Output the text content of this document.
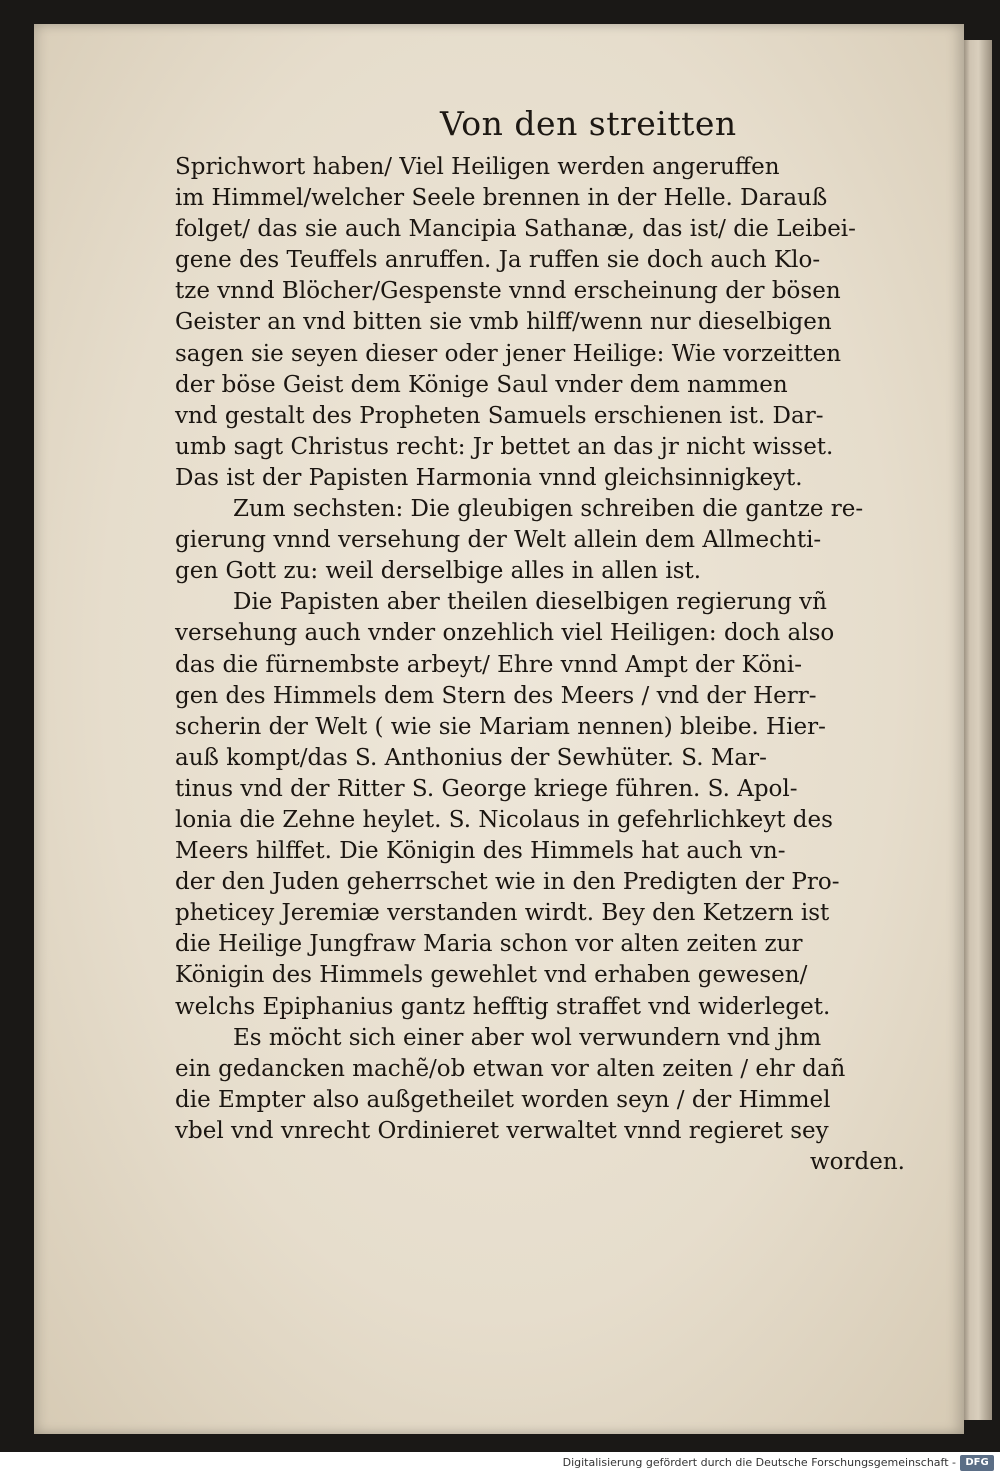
Von den streitten
Sprichwort haben/ Viel Heiligen werden angeruffen
im Himmel/welcher Seele brennen in der Helle. Darauß
folget/ das sie auch Mancipia Sathanæ, das ist/ die Leibei-
gene des Teuffels anruffen. Ja ruffen sie doch auch Klo-
tze vnnd Blöcher/Gespenste vnnd erscheinung der bösen
Geister an vnd bitten sie vmb hilff/wenn nur dieselbigen
sagen sie seyen dieser oder jener Heilige: Wie vorzeitten
der böse Geist dem Könige Saul vnder dem nammen
vnd gestalt des Propheten Samuels erschienen ist. Dar-
umb sagt Christus recht: Jr bettet an das jr nicht wisset.
Das ist der Papisten Harmonia vnnd gleichsinnigkeyt.
Zum sechsten: Die gleubigen schreiben die gantze re-
gierung vnnd versehung der Welt allein dem Allmechti-
gen Gott zu: weil derselbige alles in allen ist.
Die Papisten aber theilen dieselbigen regierung vñ
versehung auch vnder onzehlich viel Heiligen: doch also
das die fürnembste arbeyt/ Ehre vnnd Ampt der Köni-
gen des Himmels dem Stern des Meers / vnd der Herr-
scherin der Welt ( wie sie Mariam nennen) bleibe. Hier-
auß kompt/das S. Anthonius der Sewhüter. S. Mar-
tinus vnd der Ritter S. George kriege führen. S. Apol-
lonia die Zehne heylet. S. Nicolaus in gefehrlichkeyt des
Meers hilffet. Die Königin des Himmels hat auch vn-
der den Juden geherrschet wie in den Predigten der Pro-
pheticey Jeremiæ verstanden wirdt. Bey den Ketzern ist
die Heilige Jungfraw Maria schon vor alten zeiten zur
Königin des Himmels gewehlet vnd erhaben gewesen/
welchs Epiphanius gantz hefftig straffet vnd widerleget.
Es möcht sich einer aber wol verwundern vnd jhm
ein gedancken machẽ/ob etwan vor alten zeiten / ehr dañ
die Empter also außgetheilet worden seyn / der Himmel
vbel vnd vnrecht Ordinieret verwaltet vnnd regieret sey
worden.
Digitalisierung gefördert durch die Deutsche Forschungsgemeinschaft - DFG
